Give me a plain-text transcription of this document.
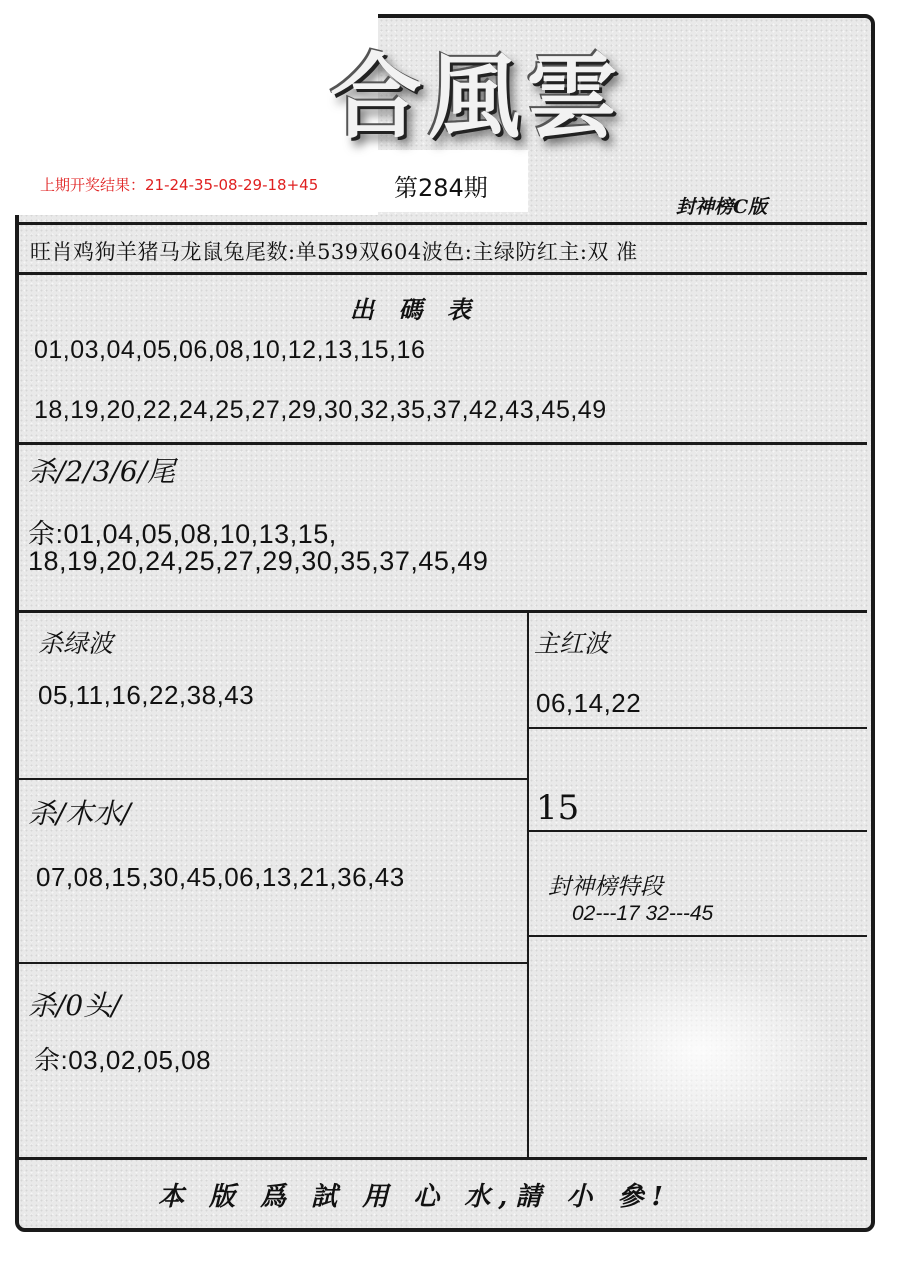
合風雲
封神榜C版
上期开奖结果：21-24-35-08-29-18+45	第284期
旺肖鸡狗羊猪马龙鼠兔尾数:单539双604波色:主绿防红主:双 准
出 碼 表
01,03,04,05,06,08,10,12,13,15,16
18,19,20,22,24,25,27,29,30,32,35,37,42,43,45,49
杀/2/3/6/尾
余:01,04,05,08,10,13,15,
18,19,20,24,25,27,29,30,35,37,45,49
杀绿波
05,11,16,22,38,43
主红波
06,14,22
15
杀/木水/
07,08,15,30,45,06,13,21,36,43	封神榜特段
02---17 32---45
杀/0头/
余:03,02,05,08
本 版 爲 試 用 心 水,請 小 參!
